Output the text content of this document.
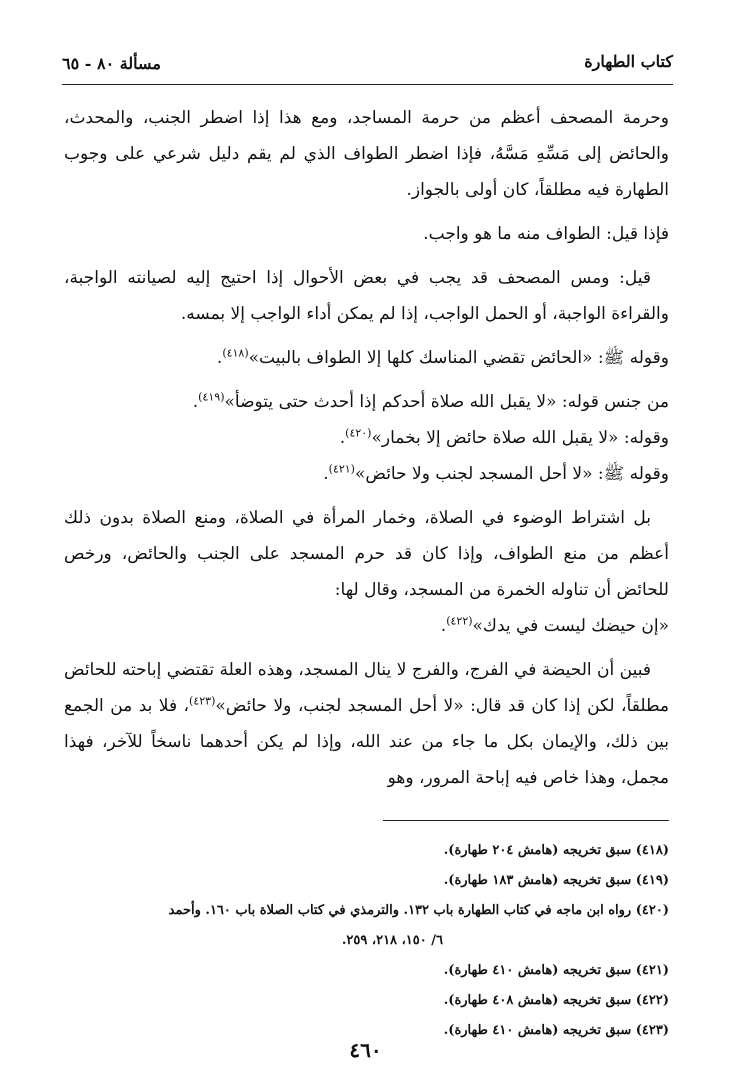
كتاب الطهارة
مسألة ٨٠ - ٦٥

وحرمة المصحف أعظم من حرمة المساجد، ومع هذا إذا اضطر الجنب، والمحدث، والحائض إلى مَسِّهِ مَسَّهُ، فإذا اضطر الطواف الذي لم يقم دليل شرعي على وجوب الطهارة فيه مطلقاً، كان أولى بالجواز.

فإذا قيل: الطواف منه ما هو واجب.

قيل: ومس المصحف قد يجب في بعض الأحوال إذا احتيج إليه لصيانته الواجبة، والقراءة الواجبة، أو الحمل الواجب، إذا لم يمكن أداء الواجب إلا بمسه.

وقوله ﷺ: «الحائض تقضي المناسك كلها إلا الطواف بالبيت»$^{(٤١٨)}$.

من جنس قوله: «لا يقبل الله صلاة أحدكم إذا أحدث حتى يتوضأ»$^{(٤١٩)}$.

وقوله: «لا يقبل الله صلاة حائض إلا بخمار»$^{(٤٢٠)}$.

وقوله ﷺ: «لا أحل المسجد لجنب ولا حائض»$^{(٤٢١)}$.

بل اشتراط الوضوء في الصلاة، وخمار المرأة في الصلاة، ومنع الصلاة بدون ذلك أعظم من منع الطواف، وإذا كان قد حرم المسجد على الجنب والحائض، ورخص للحائض أن تناوله الخمرة من المسجد، وقال لها:

«إن حيضك ليست في يدك»$^{(٤٢٢)}$.

فبين أن الحيضة في الفرج، والفرج لا ينال المسجد، وهذه العلة تقتضي إباحته للحائض مطلقاً، لكن إذا كان قد قال: «لا أحل المسجد لجنب، ولا حائض»$^{(٤٢٣)}$، فلا بد من الجمع بين ذلك، والإيمان بكل ما جاء من عند الله، وإذا لم يكن أحدهما ناسخاً للآخر، فهذا مجمل، وهذا خاص فيه إباحة المرور، وهو

(٤١٨) سبق تخريجه (هامش ٢٠٤ طهارة).
(٤١٩) سبق تخريجه (هامش ١٨٣ طهارة).
(٤٢٠) رواه ابن ماجه في كتاب الطهارة باب ١٣٢. والترمذي في كتاب الصلاة باب ١٦٠. وأحمد
٦/ ١٥٠، ٢١٨، ٢٥٩.
(٤٢١) سبق تخريجه (هامش ٤١٠ طهارة).
(٤٢٢) سبق تخريجه (هامش ٤٠٨ طهارة).
(٤٢٣) سبق تخريجه (هامش ٤١٠ طهارة).
٤٦٠
